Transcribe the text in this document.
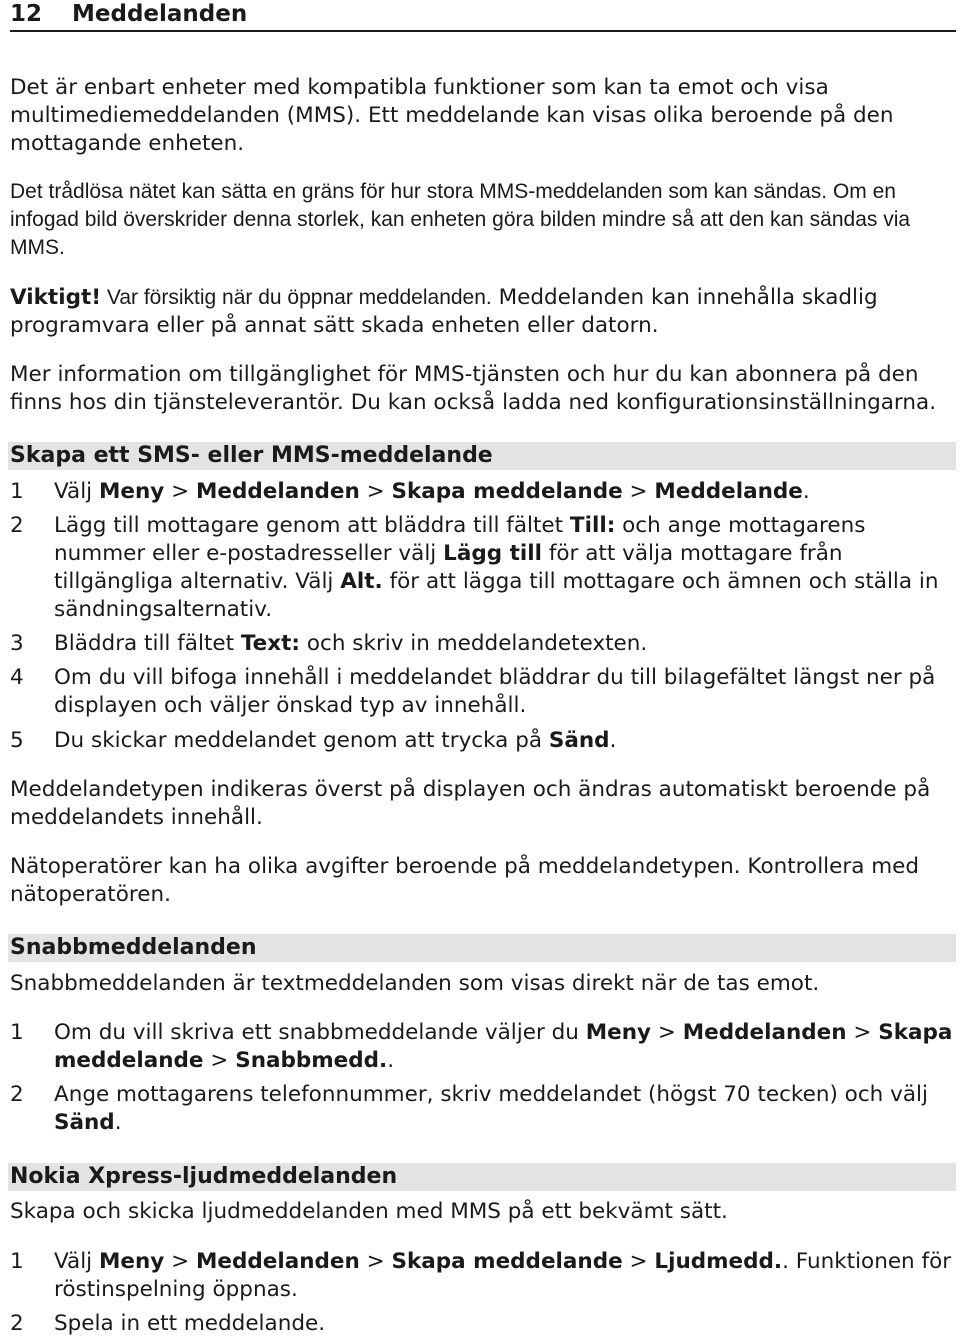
12 Meddelanden

Det är enbart enheter med kompatibla funktioner som kan ta emot och visa multimediemeddelanden (MMS). Ett meddelande kan visas olika beroende på den mottagande enheten.

Det trådlösa nätet kan sätta en gräns för hur stora MMS-meddelanden som kan sändas. Om en infogad bild överskrider denna storlek, kan enheten göra bilden mindre så att den kan sändas via MMS.

Viktigt! Var försiktig när du öppnar meddelanden. Meddelanden kan innehålla skadlig programvara eller på annat sätt skada enheten eller datorn.

Mer information om tillgänglighet för MMS-tjänsten och hur du kan abonnera på den finns hos din tjänsteleverantör. Du kan också ladda ned konfigurationsinställningarna.

Skapa ett SMS- eller MMS-meddelande
1 Välj Meny > Meddelanden > Skapa meddelande > Meddelande.

2 Lägg till mottagare genom att bläddra till fältet Till: och ange mottagarens nummer eller e-postadresseller välj Lägg till för att välja mottagare från tillgängliga alternativ. Välj Alt. för att lägga till mottagare och ämnen och ställa in sändningsalternativ.

3 Bläddra till fältet Text: och skriv in meddelandetexten.

4 Om du vill bifoga innehåll i meddelandet bläddrar du till bilagefältet längst ner på displayen och väljer önskad typ av innehåll.

5 Du skickar meddelandet genom att trycka på Sänd.

Meddelandetypen indikeras överst på displayen och ändras automatiskt beroende på meddelandets innehåll.

Nätoperatörer kan ha olika avgifter beroende på meddelandetypen. Kontrollera med nätoperatören.

Snabbmeddelanden

Snabbmeddelanden är textmeddelanden som visas direkt när de tas emot.

1 Om du vill skriva ett snabbmeddelande väljer du Meny > Meddelanden > Skapa meddelande > Snabbmedd..

2 Ange mottagarens telefonnummer, skriv meddelandet (högst 70 tecken) och välj Sänd.

Nokia Xpress-ljudmeddelanden

Skapa och skicka ljudmeddelanden med MMS på ett bekvämt sätt.

1 Välj Meny > Meddelanden > Skapa meddelande > Ljudmedd.. Funktionen för röstinspelning öppnas.

2 Spela in ett meddelande.
